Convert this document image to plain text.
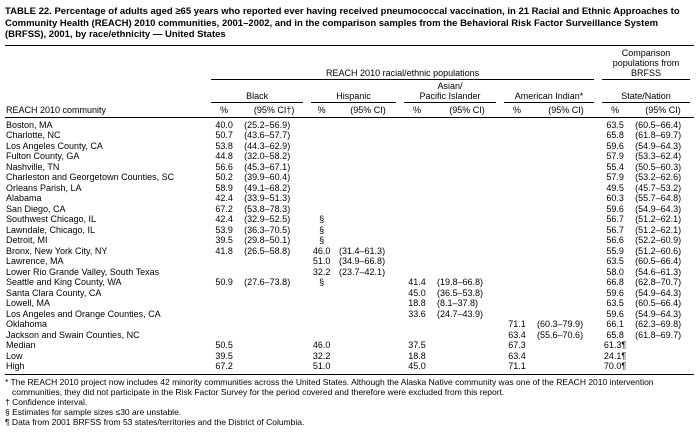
TABLE 22. Percentage of adults aged ≥65 years who reported ever having received pneumococcal vaccination, in 21 Racial and Ethnic Approaches to Community Health (REACH) 2010 communities, 2001–2002, and in the comparison samples from the Behavioral Risk Factor Surveillance System (BRFSS), 2001, by race/ethnicity — United States

	REACH 2010 racial/ethnic populations								Comparison populations from BRFSS	

	Black		Hispanic		Asian/
Pacific Islander		American Indian*		State/Nation	

REACH 2010 community	%	(95% CI†)	%	(95% CI)	%	(95% CI)	%	(95% CI)	%	(95% CI)
Boston, MA	40.0	(25.2–56.9)							63.5	(60.5–66.4)
Charlotte, NC	50.7	(43.6–57.7)							65.8	(61.8–69.7)
Los Angeles County, CA	53.8	(44.3–62.9)							59.6	(54.9–64.3)
Fulton County, GA	44.8	(32.0–58.2)							57.9	(53.3–62.4)
Nashville, TN	56.6	(45.3–67.1)							55.4	(50.5–60.3)
Charleston and Georgetown Counties, SC	50.2	(39.9–60.4)							57.9	(53.2–62.6)
Orleans Parish, LA	58.9	(49.1–68.2)							49.5	(45.7–53.2)
Alabama	42.4	(33.9–51.3)							60.3	(55.7–64.8)
San Diego, CA	67.2	(53.8–78.3)							59.6	(54.9–64.3)
Southwest Chicago, IL	42.4	(32.9–52.5)	§						56.7	(51.2–62.1)
Lawndale, Chicago, IL	53.9	(36.3–70.5)	§						56.7	(51.2–62.1)
Detroit, MI	39.5	(29.8–50.1)	§						56.6	(52.2–60.9)
Bronx, New York City, NY	41.8	(26.5–58.8)	46.0	(31.4–61.3)					55.9	(51.2–60.6)
Lawrence, MA			51.0	(34.9–66.8)					63.5	(60.5–66.4)
Lower Rio Grande Valley, South Texas			32.2	(23.7–42.1)					58.0	(54.6–61.3)
Seattle and King County, WA	50.9	(27.6–73.8)	§		41.4	(19.8–66.8)			66.8	(62.8–70.7)
Santa Clara County, CA					45.0	(36.5–53.8)			59.6	(54.9–64.3)
Lowell, MA					18.8	(8.1–37.8)			63.5	(60.5–66.4)
Los Angeles and Orange Counties, CA					33.6	(24.7–43.9)			59.6	(54.9–64.3)
Oklahoma							71.1	(60.3–79.9)	66.1	(62.3–69.8)
Jackson and Swain Counties, NC							63.4	(55.6–70.6)	65.8	(61.8–69.7)
Median	50.5		46.0		37.5		67.3		61.3¶	
Low	39.5		32.2		18.8		63.4		24.1¶	
High	67.2		51.0		45.0		71.1		70.0¶	
* The REACH 2010 project now includes 42 minority communities across the United States. Although the Alaska Native community was one of the REACH 2010 intervention communities, they did not participate in the Risk Factor Survey for the period covered and therefore were excluded from this report.
† Confidence interval.
§ Estimates for sample sizes ≤30 are unstable.
¶ Data from 2001 BRFSS from 53 states/territories and the District of Columbia.
